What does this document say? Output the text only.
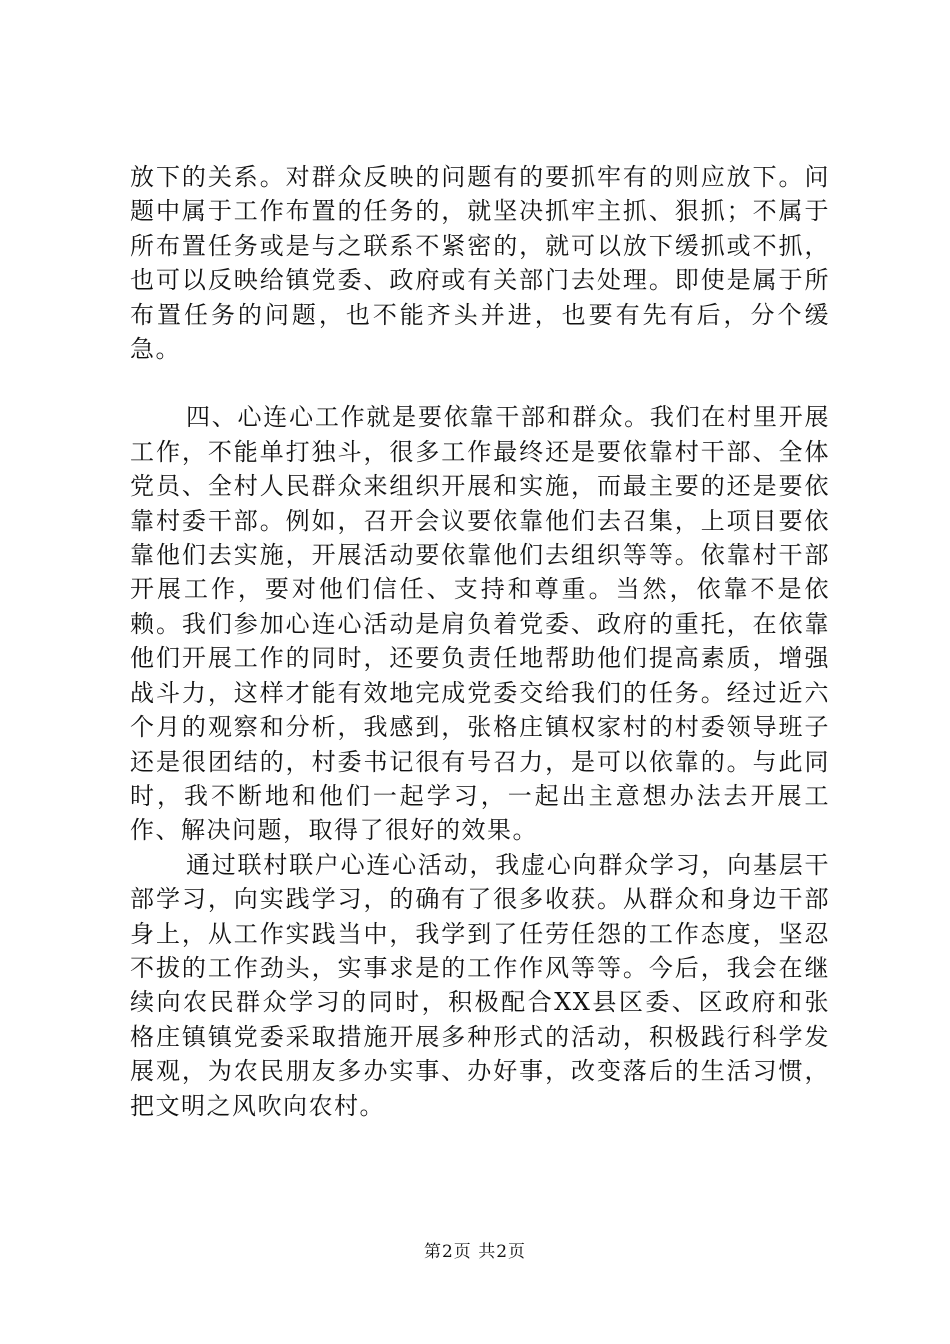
放下的关系。对群众反映的问题有的要抓牢有的则应放下。问题中属于工作布置的任务的，就坚决抓牢主抓、狠抓；不属于所布置任务或是与之联系不紧密的，就可以放下缓抓或不抓，也可以反映给镇党委、政府或有关部门去处理。即使是属于所布置任务的问题，也不能齐头并进，也要有先有后，分个缓急。

四、心连心工作就是要依靠干部和群众。我们在村里开展工作，不能单打独斗，很多工作最终还是要依靠村干部、全体党员、全村人民群众来组织开展和实施，而最主要的还是要依靠村委干部。例如，召开会议要依靠他们去召集，上项目要依靠他们去实施，开展活动要依靠他们去组织等等。依靠村干部开展工作，要对他们信任、支持和尊重。当然，依靠不是依赖。我们参加心连心活动是肩负着党委、政府的重托，在依靠他们开展工作的同时，还要负责任地帮助他们提高素质，增强战斗力，这样才能有效地完成党委交给我们的任务。经过近六个月的观察和分析，我感到，张格庄镇权家村的村委领导班子还是很团结的，村委书记很有号召力，是可以依靠的。与此同时，我不断地和他们一起学习，一起出主意想办法去开展工作、解决问题，取得了很好的效果。

通过联村联户心连心活动，我虚心向群众学习，向基层干部学习，向实践学习，的确有了很多收获。从群众和身边干部身上，从工作实践当中，我学到了任劳任怨的工作态度，坚忍不拔的工作劲头，实事求是的工作作风等等。今后，我会在继续向农民群众学习的同时，积极配合XX县区委、区政府和张格庄镇镇党委采取措施开展多种形式的活动，积极践行科学发展观，为农民朋友多办实事、办好事，改变落后的生活习惯，把文明之风吹向农村。

第2页 共2页
